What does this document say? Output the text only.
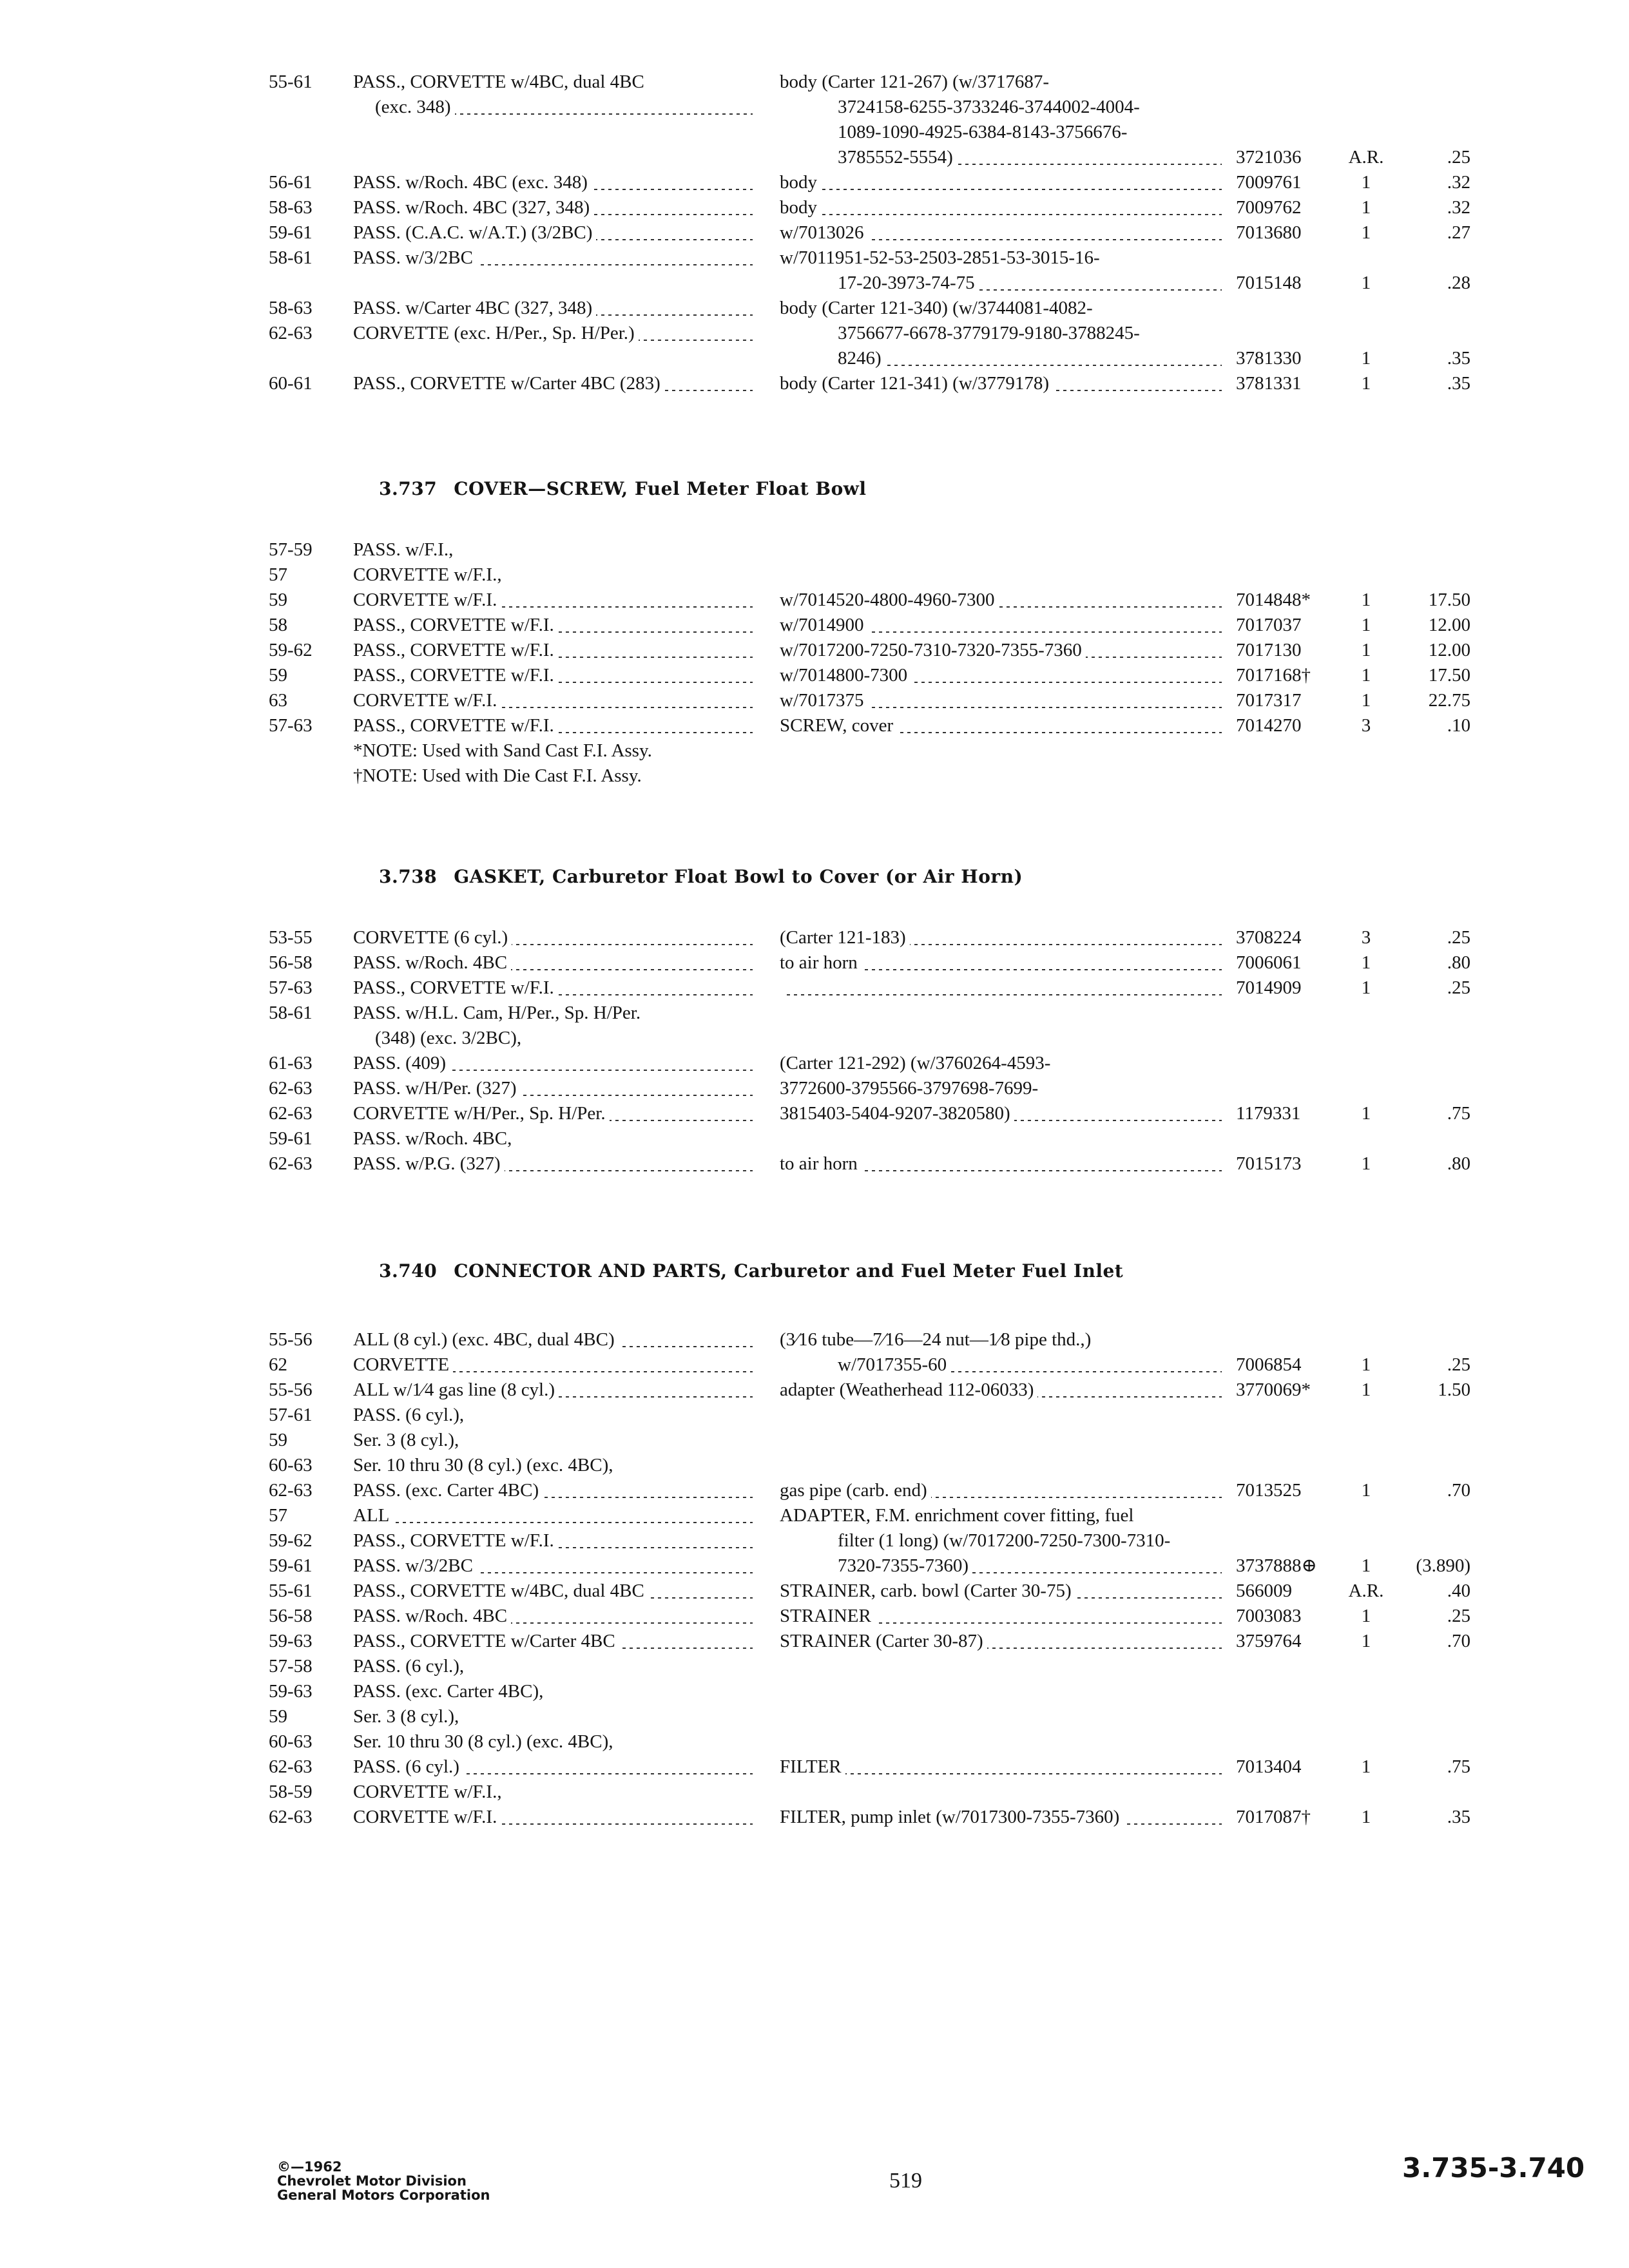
55-61	PASS., CORVETTE w/4BC, dual 4BC	body (Carter 121-267) (w/3717687-
(exc. 348)	3724158-6255-3733246-3744002-4004-
1089-1090-4925-6384-8143-3756676-
3785552-5554)	3721036	A.R.	.25
56-61	PASS. w/Roch. 4BC (exc. 348)	body	7009761	1	.32
58-63	PASS. w/Roch. 4BC (327, 348)	body	7009762	1	.32
59-61	PASS. (C.A.C. w/A.T.) (3/2BC)	w/7013026	7013680	1	.27
58-61	PASS. w/3/2BC	w/7011951-52-53-2503-2851-53-3015-16-
17-20-3973-74-75	7015148	1	.28
58-63	PASS. w/Carter 4BC (327, 348)	body (Carter 121-340) (w/3744081-4082-
62-63	CORVETTE (exc. H/Per., Sp. H/Per.)	3756677-6678-3779179-9180-3788245-
8246)	3781330	1	.35
60-61	PASS., CORVETTE w/Carter 4BC (283)	body (Carter 121-341) (w/3779178)	3781331	1	.35
3.737 COVER—SCREW, Fuel Meter Float Bowl
57-59	PASS. w/F.I.,
57	CORVETTE w/F.I.,
59	CORVETTE w/F.I.	w/7014520-4800-4960-7300	7014848*	1	17.50
58	PASS., CORVETTE w/F.I.	w/7014900	7017037	1	12.00
59-62	PASS., CORVETTE w/F.I.	w/7017200-7250-7310-7320-7355-7360	7017130	1	12.00
59	PASS., CORVETTE w/F.I.	w/7014800-7300	7017168†	1	17.50
63	CORVETTE w/F.I.	w/7017375	7017317	1	22.75
57-63	PASS., CORVETTE w/F.I.	SCREW, cover	7014270	3	.10
*NOTE: Used with Sand Cast F.I. Assy.
†NOTE: Used with Die Cast F.I. Assy.
3.738 GASKET, Carburetor Float Bowl to Cover (or Air Horn)
53-55	CORVETTE (6 cyl.)	(Carter 121-183)	3708224	3	.25
56-58	PASS. w/Roch. 4BC	to air horn	7006061	1	.80
57-63	PASS., CORVETTE w/F.I.	7014909	1	.25
58-61	PASS. w/H.L. Cam, H/Per., Sp. H/Per.
(348) (exc. 3/2BC),
61-63	PASS. (409)	(Carter 121-292) (w/3760264-4593-
62-63	PASS. w/H/Per. (327)	3772600-3795566-3797698-7699-
62-63	CORVETTE w/H/Per., Sp. H/Per.	3815403-5404-9207-3820580)	1179331	1	.75
59-61	PASS. w/Roch. 4BC,
62-63	PASS. w/P.G. (327)	to air horn	7015173	1	.80
3.740 CONNECTOR AND PARTS, Carburetor and Fuel Meter Fuel Inlet
55-56	ALL (8 cyl.) (exc. 4BC, dual 4BC)	(3⁄16 tube—7⁄16—24 nut—1⁄8 pipe thd.,)
62	CORVETTE	w/7017355-60	7006854	1	.25
55-56	ALL w/1⁄4 gas line (8 cyl.)	adapter (Weatherhead 112-06033)	3770069*	1	1.50
57-61	PASS. (6 cyl.),
59	Ser. 3 (8 cyl.),
60-63	Ser. 10 thru 30 (8 cyl.) (exc. 4BC),
62-63	PASS. (exc. Carter 4BC)	gas pipe (carb. end)	7013525	1	.70
57	ALL	ADAPTER, F.M. enrichment cover fitting, fuel
59-62	PASS., CORVETTE w/F.I.	filter (1 long) (w/7017200-7250-7300-7310-
59-61	PASS. w/3/2BC	7320-7355-7360)	3737888⊕	1	(3.890)
55-61	PASS., CORVETTE w/4BC, dual 4BC	STRAINER, carb. bowl (Carter 30-75)	566009	A.R.	.40
56-58	PASS. w/Roch. 4BC	STRAINER	7003083	1	.25
59-63	PASS., CORVETTE w/Carter 4BC	STRAINER (Carter 30-87)	3759764	1	.70
57-58	PASS. (6 cyl.),
59-63	PASS. (exc. Carter 4BC),
59	Ser. 3 (8 cyl.),
60-63	Ser. 10 thru 30 (8 cyl.) (exc. 4BC),
62-63	PASS. (6 cyl.)	FILTER	7013404	1	.75
58-59	CORVETTE w/F.I.,
62-63	CORVETTE w/F.I.	FILTER, pump inlet (w/7017300-7355-7360)	7017087†	1	.35
©—1962
Chevrolet Motor Division
General Motors Corporation
519	3.735-3.740
